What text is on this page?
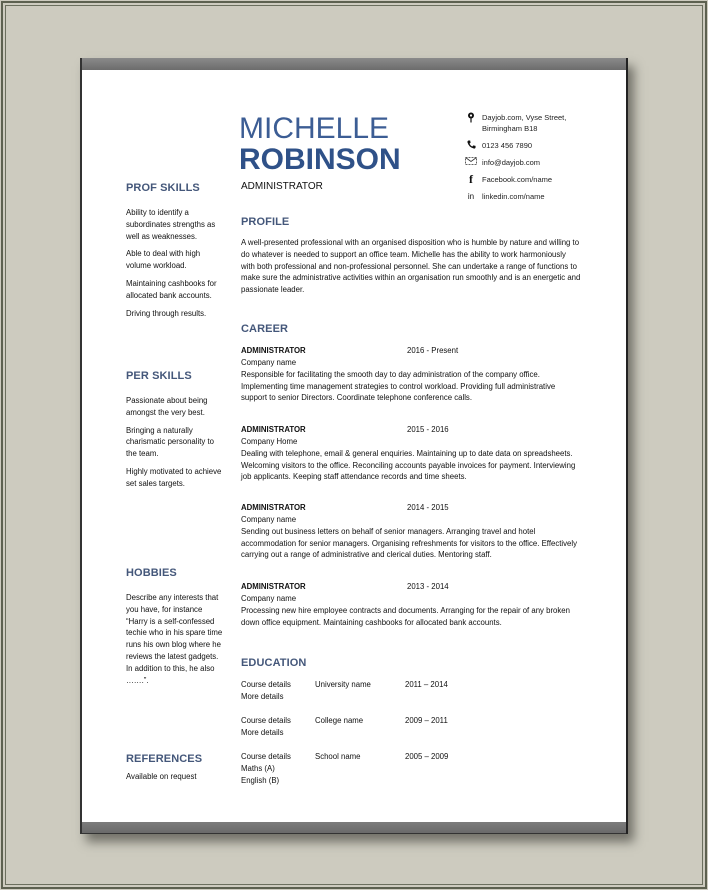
MICHELLE
ROBINSON
ADMINISTRATOR
Dayjob.com, Vyse Street,
Birmingham B18
0123 456 7890
info@dayjob.com
f	Facebook.com/name
in	linkedin.com/name
PROF SKILLS
Ability to identify a subordinates strengths as well as weaknesses.
Able to deal with high volume workload.
Maintaining cashbooks for allocated bank accounts.
Driving through results.
PER SKILLS
Passionate about being amongst the very best.
Bringing a naturally charismatic personality to the team.
Highly motivated to achieve set sales targets.
HOBBIES
Describe any interests that you have, for instance “Harry is a self-confessed techie who in his spare time runs his own blog where he reviews the latest gadgets. In addition to this, he also …….”.
REFERENCES
Available on request
PROFILE
A well-presented professional with an organised disposition who is humble by nature and willing to do whatever is needed to support an office team. Michelle has the ability to work harmoniously with both professional and non-professional personnel. She can undertake a range of functions to make sure the administrative activities within an organisation run smoothly and is an energetic and passionate leader.
CAREER
ADMINISTRATOR	2016 - Present
Company name
Responsible for facilitating the smooth day to day administration of the company office. Implementing time management strategies to control workload. Providing full administrative support to senior Directors. Coordinate telephone conference calls.
ADMINISTRATOR	2015 - 2016
Company Home
Dealing with telephone, email & general enquiries. Maintaining up to date data on spreadsheets. Welcoming visitors to the office. Reconciling accounts payable invoices for payment. Interviewing job applicants. Keeping staff attendance records and time sheets.
ADMINISTRATOR	2014 - 2015
Company name
Sending out business letters on behalf of senior managers. Arranging travel and hotel accommodation for senior managers. Organising refreshments for visitors to the office. Effectively carrying out a range of administrative and clerical duties. Mentoring staff.
ADMINISTRATOR	2013 - 2014
Company name
Processing new hire employee contracts and documents. Arranging for the repair of any broken down office equipment. Maintaining cashbooks for allocated bank accounts.
EDUCATION
Course details	University name	2011 – 2014
More details
Course details	College name	2009 – 2011
More details
Course details	School name	2005 – 2009
Maths (A)
English (B)
